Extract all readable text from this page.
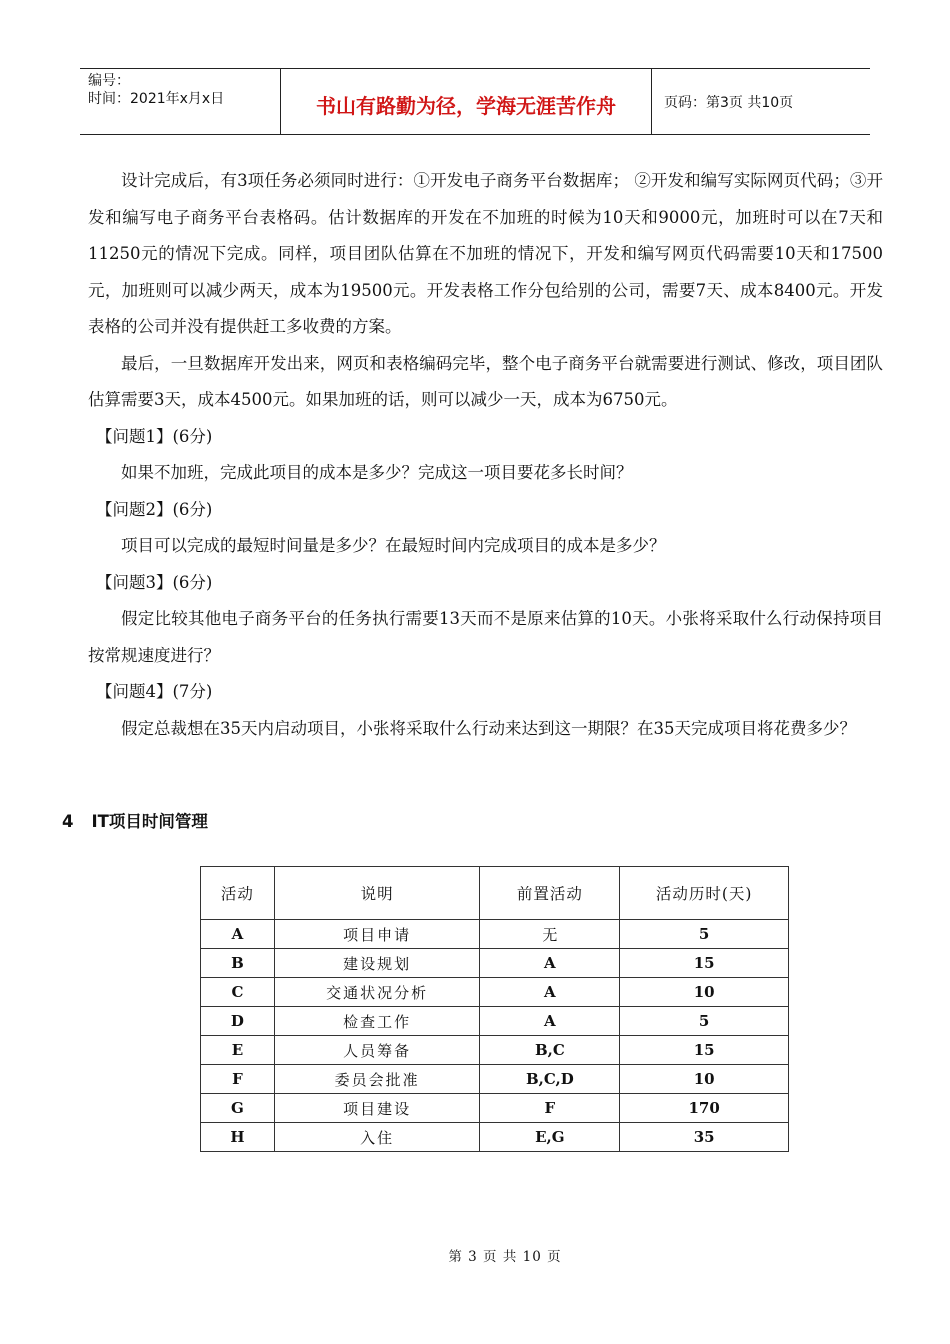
编号：
时间：2021年x月x日	书山有路勤为径，学海无涯苦作舟	页码：第3页 共10页

设计完成后，有3项任务必须同时进行：①开发电子商务平台数据库； ②开发和编写实际网页代码；③开发和编写电子商务平台表格码。估计数据库的开发在不加班的时候为10天和9000元，加班时可以在7天和11250元的情况下完成。同样，项目团队估算在不加班的情况下，开发和编写网页代码需要10天和17500元，加班则可以减少两天，成本为19500元。开发表格工作分包给别的公司，需要7天、成本8400元。开发表格的公司并没有提供赶工多收费的方案。

最后，一旦数据库开发出来，网页和表格编码完毕，整个电子商务平台就需要进行测试、修改，项目团队估算需要3天，成本4500元。如果加班的话，则可以减少一天，成本为6750元。

【问题1】(6分)

如果不加班，完成此项目的成本是多少？完成这一项目要花多长时间？

【问题2】(6分)

项目可以完成的最短时间量是多少？在最短时间内完成项目的成本是多少？

【问题3】(6分)

假定比较其他电子商务平台的任务执行需要13天而不是原来估算的10天。小张将采取什么行动保持项目按常规速度进行？

【问题4】(7分)

假定总裁想在35天内启动项目，小张将采取什么行动来达到这一期限？在35天完成项目将花费多少？

4 IT项目时间管理
活动	说明	前置活动	活动历时(天)
A	项目申请	无	5
B	建设规划	A	15
C	交通状况分析	A	10
D	检查工作	A	5
E	人员筹备	B,C	15
F	委员会批准	B,C,D	10
G	项目建设	F	170
H	入住	E,G	35
第 3 页 共 10 页
